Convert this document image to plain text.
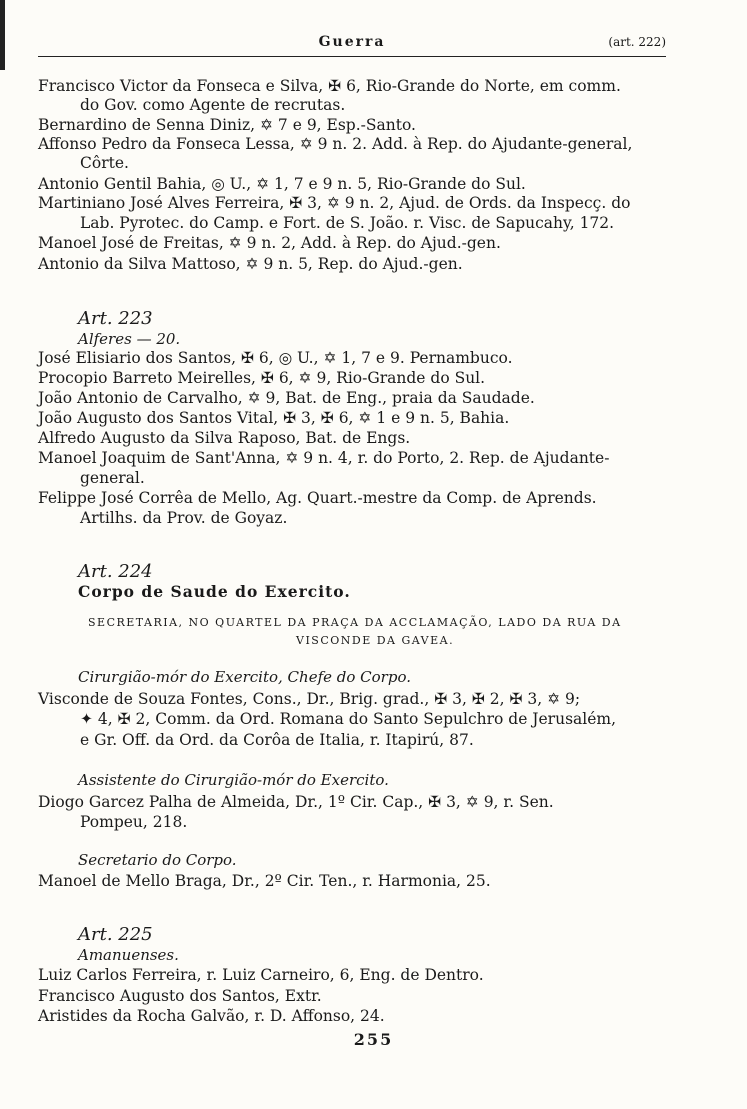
Guerra	(art. 222)
Francisco Victor da Fonseca e Silva, ✠ 6, Rio-Grande do Norte, em comm.
do Gov. como Agente de recrutas.
Bernardino de Senna Diniz, ✡ 7 e 9, Esp.-Santo.
Affonso Pedro da Fonseca Lessa, ✡ 9 n. 2. Add. à Rep. do Ajudante-general,
Côrte.
Antonio Gentil Bahia, ◎ U., ✡ 1, 7 e 9 n. 5, Rio-Grande do Sul.
Martiniano José Alves Ferreira, ✠ 3, ✡ 9 n. 2, Ajud. de Ords. da Inspecç. do
Lab. Pyrotec. do Camp. e Fort. de S. João. r. Visc. de Sapucahy, 172.
Manoel José de Freitas, ✡ 9 n. 2, Add. à Rep. do Ajud.-gen.
Antonio da Silva Mattoso, ✡ 9 n. 5, Rep. do Ajud.-gen.
Art. 223
Alferes — 20.
José Elisiario dos Santos, ✠ 6, ◎ U., ✡ 1, 7 e 9. Pernambuco.
Procopio Barreto Meirelles, ✠ 6, ✡ 9, Rio-Grande do Sul.
João Antonio de Carvalho, ✡ 9, Bat. de Eng., praia da Saudade.
João Augusto dos Santos Vital, ✠ 3, ✠ 6, ✡ 1 e 9 n. 5, Bahia.
Alfredo Augusto da Silva Raposo, Bat. de Engs.
Manoel Joaquim de Sant'Anna, ✡ 9 n. 4, r. do Porto, 2. Rep. de Ajudante-
general.
Felippe José Corrêa de Mello, Ag. Quart.-mestre da Comp. de Aprends.
Artilhs. da Prov. de Goyaz.
Art. 224
Corpo de Saude do Exercito.
SECRETARIA, NO QUARTEL DA PRAÇA DA ACCLAMAÇÃO, LADO DA RUA DA
VISCONDE DA GAVEA.
Cirurgião-mór do Exercito, Chefe do Corpo.
Visconde de Souza Fontes, Cons., Dr., Brig. grad., ✠ 3, ✠ 2, ✠ 3, ✡ 9;
✦ 4, ✠ 2, Comm. da Ord. Romana do Santo Sepulchro de Jerusalém,
e Gr. Off. da Ord. da Corôa de Italia, r. Itapirú, 87.
Assistente do Cirurgião-mór do Exercito.
Diogo Garcez Palha de Almeida, Dr., 1º Cir. Cap., ✠ 3, ✡ 9, r. Sen.
Pompeu, 218.
Secretario do Corpo.
Manoel de Mello Braga, Dr., 2º Cir. Ten., r. Harmonia, 25.
Art. 225
Amanuenses.
Luiz Carlos Ferreira, r. Luiz Carneiro, 6, Eng. de Dentro.
Francisco Augusto dos Santos, Extr.
Aristides da Rocha Galvão, r. D. Affonso, 24.
255
